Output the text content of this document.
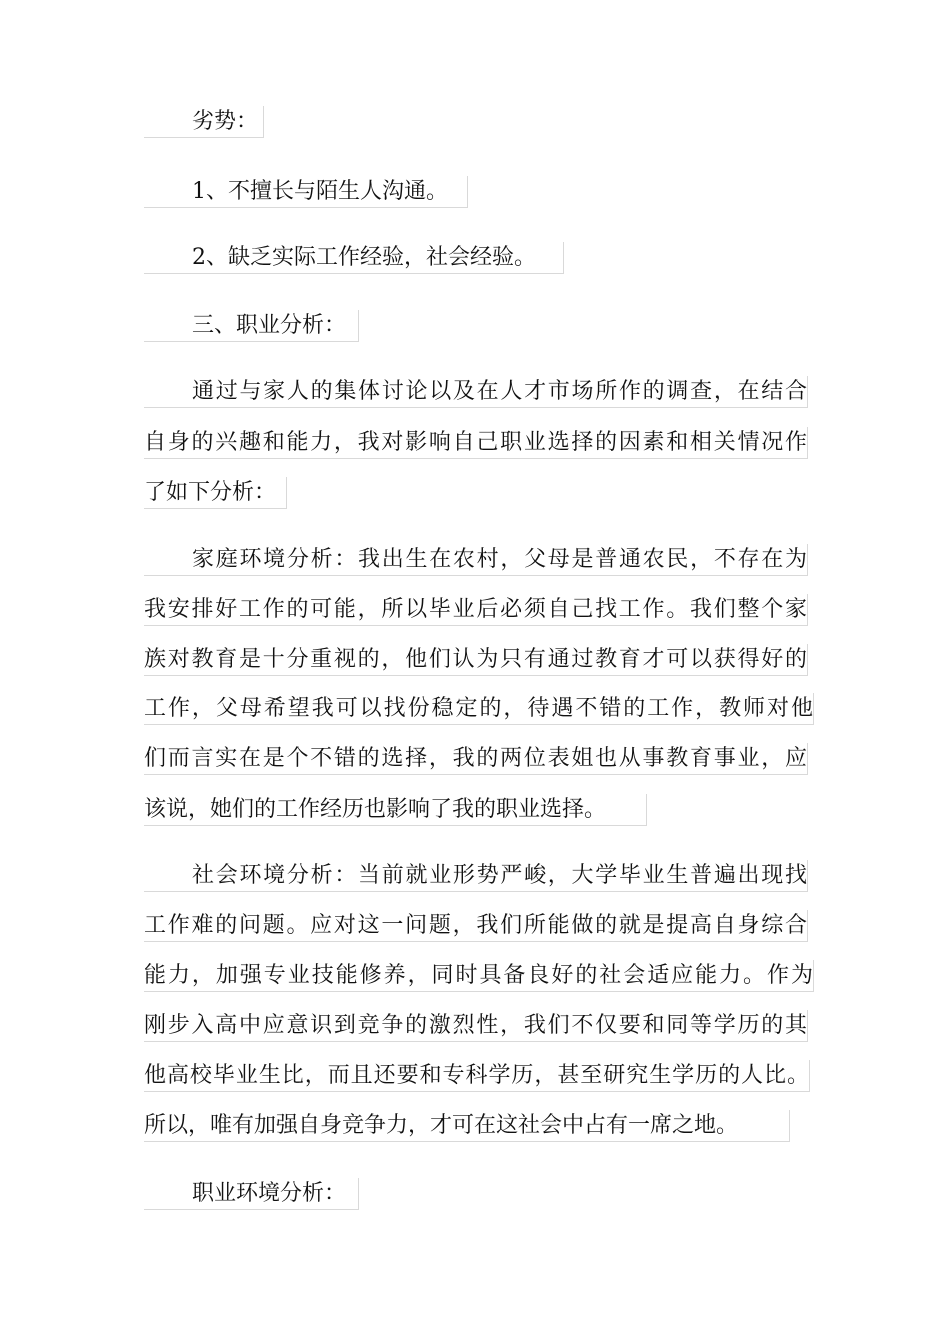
劣势：
1、不擅长与陌生人沟通。
2、缺乏实际工作经验，社会经验。
三、职业分析：
通过与家人的集体讨论以及在人才市场所作的调查，在结合
自身的兴趣和能力，我对影响自己职业选择的因素和相关情况作
了如下分析：
家庭环境分析：我出生在农村，父母是普通农民，不存在为
我安排好工作的可能，所以毕业后必须自己找工作。我们整个家
族对教育是十分重视的，他们认为只有通过教育才可以获得好的
工作，父母希望我可以找份稳定的，待遇不错的工作，教师对他
们而言实在是个不错的选择，我的两位表姐也从事教育事业，应
该说，她们的工作经历也影响了我的职业选择。
社会环境分析：当前就业形势严峻，大学毕业生普遍出现找
工作难的问题。应对这一问题，我们所能做的就是提高自身综合
能力，加强专业技能修养，同时具备良好的社会适应能力。作为
刚步入高中应意识到竞争的激烈性，我们不仅要和同等学历的其
他高校毕业生比，而且还要和专科学历，甚至研究生学历的人比。
所以，唯有加强自身竞争力，才可在这社会中占有一席之地。
职业环境分析：
